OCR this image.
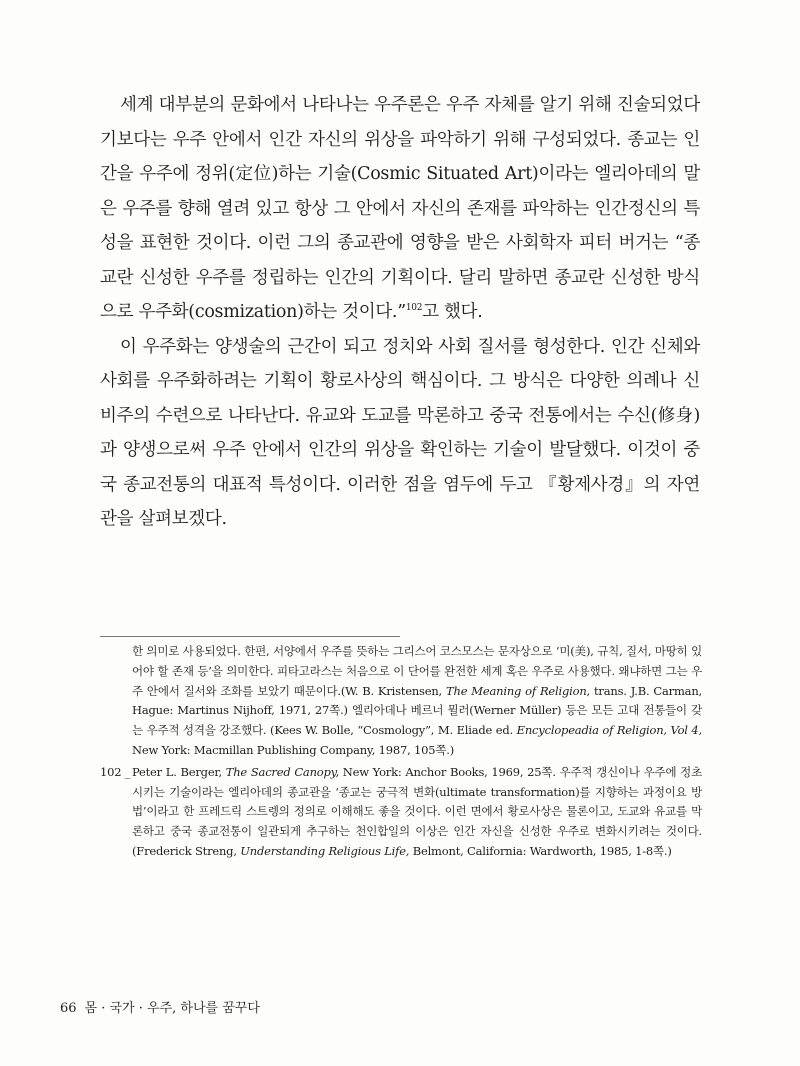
세계 대부분의 문화에서 나타나는 우주론은 우주 자체를 알기 위해 진술되었다기보다는 우주 안에서 인간 자신의 위상을 파악하기 위해 구성되었다. 종교는 인간을 우주에 정위(定位)하는 기술(Cosmic Situated Art)이라는 엘리아데의 말은 우주를 향해 열려 있고 항상 그 안에서 자신의 존재를 파악하는 인간정신의 특성을 표현한 것이다. 이런 그의 종교관에 영향을 받은 사회학자 피터 버거는 “종교란 신성한 우주를 정립하는 인간의 기획이다. 달리 말하면 종교란 신성한 방식으로 우주화(cosmization)하는 것이다.”$^{102}$고 했다.

이 우주화는 양생술의 근간이 되고 정치와 사회 질서를 형성한다. 인간 신체와 사회를 우주화하려는 기획이 황로사상의 핵심이다. 그 방식은 다양한 의례나 신비주의 수련으로 나타난다. 유교와 도교를 막론하고 중국 전통에서는 수신(修身)과 양생으로써 우주 안에서 인간의 위상을 확인하는 기술이 발달했다. 이것이 중국 종교전통의 대표적 특성이다. 이러한 점을 염두에 두고 『황제사경』의 자연관을 살펴보겠다.

한 의미로 사용되었다. 한편, 서양에서 우주를 뜻하는 그리스어 코스모스는 문자상으로 ‘미(美), 규칙, 질서, 마땅히 있어야 할 존재 등’을 의미한다. 피타고라스는 처음으로 이 단어를 완전한 세계 혹은 우주로 사용했다. 왜냐하면 그는 우주 안에서 질서와 조화를 보았기 때문이다.(W. B. Kristensen, The Meaning of Religion, trans. J.B. Carman, Hague: Martinus Nijhoff, 1971, 27쪽.) 엘리아데나 베르너 뮐러(Werner Müller) 등은 모든 고대 전통들이 갖는 우주적 성격을 강조했다. (Kees W. Bolle, “Cosmology”, M. Eliade ed. Encyclopeadia of Religion, Vol 4, New York: Macmillan Publishing Company, 1987, 105쪽.)
102 _ Peter L. Berger, The Sacred Canopy, New York: Anchor Books, 1969, 25쪽. 우주적 갱신이나 우주에 정초시키는 기술이라는 엘리아데의 종교관을 ‘종교는 궁극적 변화(ultimate transformation)를 지향하는 과정이요 방법’이라고 한 프레드릭 스트렝의 정의로 이해해도 좋을 것이다. 이런 면에서 황로사상은 물론이고, 도교와 유교를 막론하고 중국 종교전통이 일관되게 추구하는 천인합일의 이상은 인간 자신을 신성한 우주로 변화시키려는 것이다. (Frederick Streng, Understanding Religious Life, Belmont, California: Wardworth, 1985, 1-8쪽.)
66 몸 · 국가 · 우주, 하나를 꿈꾸다
